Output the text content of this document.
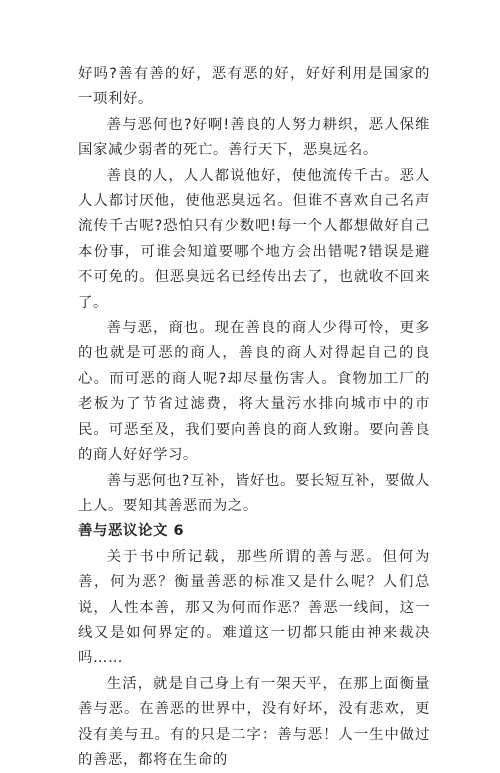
好吗?善有善的好，恶有恶的好，好好利用是国家的一项利好。

善与恶何也?好啊!善良的人努力耕织，恶人保维国家减少弱者的死亡。善行天下，恶臭远名。

善良的人，人人都说他好，使他流传千古。恶人人人都讨厌他，使他恶臭远名。但谁不喜欢自己名声流传千古呢?恐怕只有少数吧!每一个人都想做好自己本份事，可谁会知道要哪个地方会出错呢?错误是避不可免的。但恶臭远名已经传出去了，也就收不回来了。

善与恶，商也。现在善良的商人少得可怜，更多的也就是可恶的商人，善良的商人对得起自己的良心。而可恶的商人呢?却尽量伤害人。食物加工厂的老板为了节省过滤费，将大量污水排向城市中的市民。可恶至及，我们要向善良的商人致谢。要向善良的商人好好学习。

善与恶何也?互补，皆好也。要长短互补，要做人上人。要知其善恶而为之。

善与恶议论文 6

关于书中所记载，那些所谓的善与恶。但何为善，何为恶？衡量善恶的标准又是什么呢？人们总说，人性本善，那又为何而作恶？善恶一线间，这一线又是如何界定的。难道这一切都只能由神来裁决吗……

生活，就是自己身上有一架天平，在那上面衡量善与恶。在善恶的世界中，没有好坏，没有悲欢，更没有美与丑。有的只是二字：善与恶！人一生中做过的善恶，都将在生命的
